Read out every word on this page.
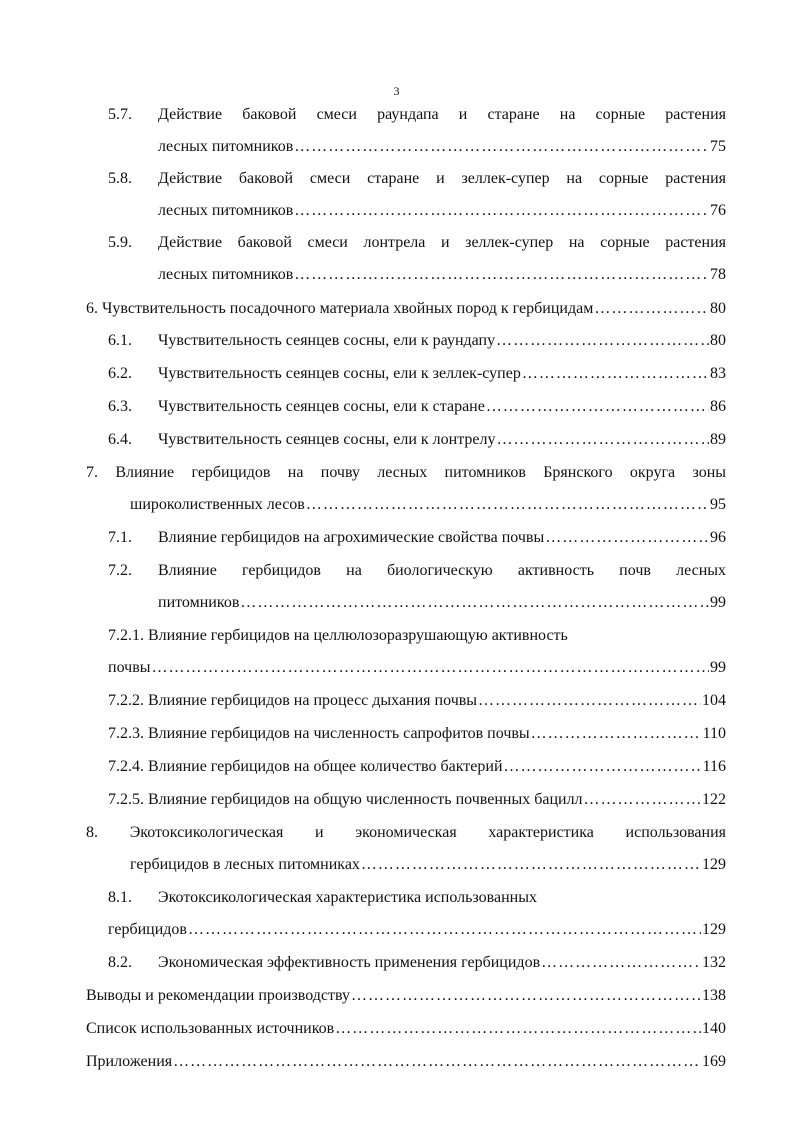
3
5.7. Действие баковой смеси раундапа и старане на сорные растения
лесных питомников ………………………………………………………………………………………………………………………………………………………………………………………………………………………………	75
5.8. Действие баковой смеси старане и зеллек-супер на сорные растения
лесных питомников ………………………………………………………………………………………………………………………………………………………………………………………………………………………………	76
5.9. Действие баковой смеси лонтрела и зеллек-супер на сорные растения
лесных питомников ………………………………………………………………………………………………………………………………………………………………………………………………………………………………	78
6. Чувствительность посадочного материала хвойных пород к гербицидам ………………………………………………………………………………………………………………………………………………………………………………………………………………………………	80
6.1. Чувствительность сеянцев сосны, ели к раундапу ………………………………………………………………………………………………………………………………………………………………………………………………………………………………	80
6.2. Чувствительность сеянцев сосны, ели к зеллек-супер ………………………………………………………………………………………………………………………………………………………………………………………………………………………………	83
6.3. Чувствительность сеянцев сосны, ели к старане ………………………………………………………………………………………………………………………………………………………………………………………………………………………………	86
6.4. Чувствительность сеянцев сосны, ели к лонтрелу ………………………………………………………………………………………………………………………………………………………………………………………………………………………………	89
7. Влияние гербицидов на почву лесных питомников Брянского округа зоны
широколиственных лесов ………………………………………………………………………………………………………………………………………………………………………………………………………………………………	95
7.1. Влияние гербицидов на агрохимические свойства почвы ………………………………………………………………………………………………………………………………………………………………………………………………………………………………	96
7.2. Влияние гербицидов на биологическую активность почв лесных
питомников ………………………………………………………………………………………………………………………………………………………………………………………………………………………………	99
7.2.1. Влияние гербицидов на целлюлозоразрушающую активность
почвы ………………………………………………………………………………………………………………………………………………………………………………………………………………………………	99
7.2.2. Влияние гербицидов на процесс дыхания почвы ………………………………………………………………………………………………………………………………………………………………………………………………………………………………	104
7.2.3. Влияние гербицидов на численность сапрофитов почвы ………………………………………………………………………………………………………………………………………………………………………………………………………………………………	110
7.2.4. Влияние гербицидов на общее количество бактерий ………………………………………………………………………………………………………………………………………………………………………………………………………………………………	116
7.2.5. Влияние гербицидов на общую численность почвенных бацилл ………………………………………………………………………………………………………………………………………………………………………………………………………………………………	122
8. Экотоксикологическая и экономическая характеристика использования
гербицидов в лесных питомниках ………………………………………………………………………………………………………………………………………………………………………………………………………………………………	129
8.1. Экотоксикологическая характеристика использованных
гербицидов ………………………………………………………………………………………………………………………………………………………………………………………………………………………………	129
8.2. Экономическая эффективность применения гербицидов ………………………………………………………………………………………………………………………………………………………………………………………………………………………………	132
Выводы и рекомендации производству ………………………………………………………………………………………………………………………………………………………………………………………………………………………………	138
Список использованных источников ………………………………………………………………………………………………………………………………………………………………………………………………………………………………	140
Приложения ………………………………………………………………………………………………………………………………………………………………………………………………………………………………	169
